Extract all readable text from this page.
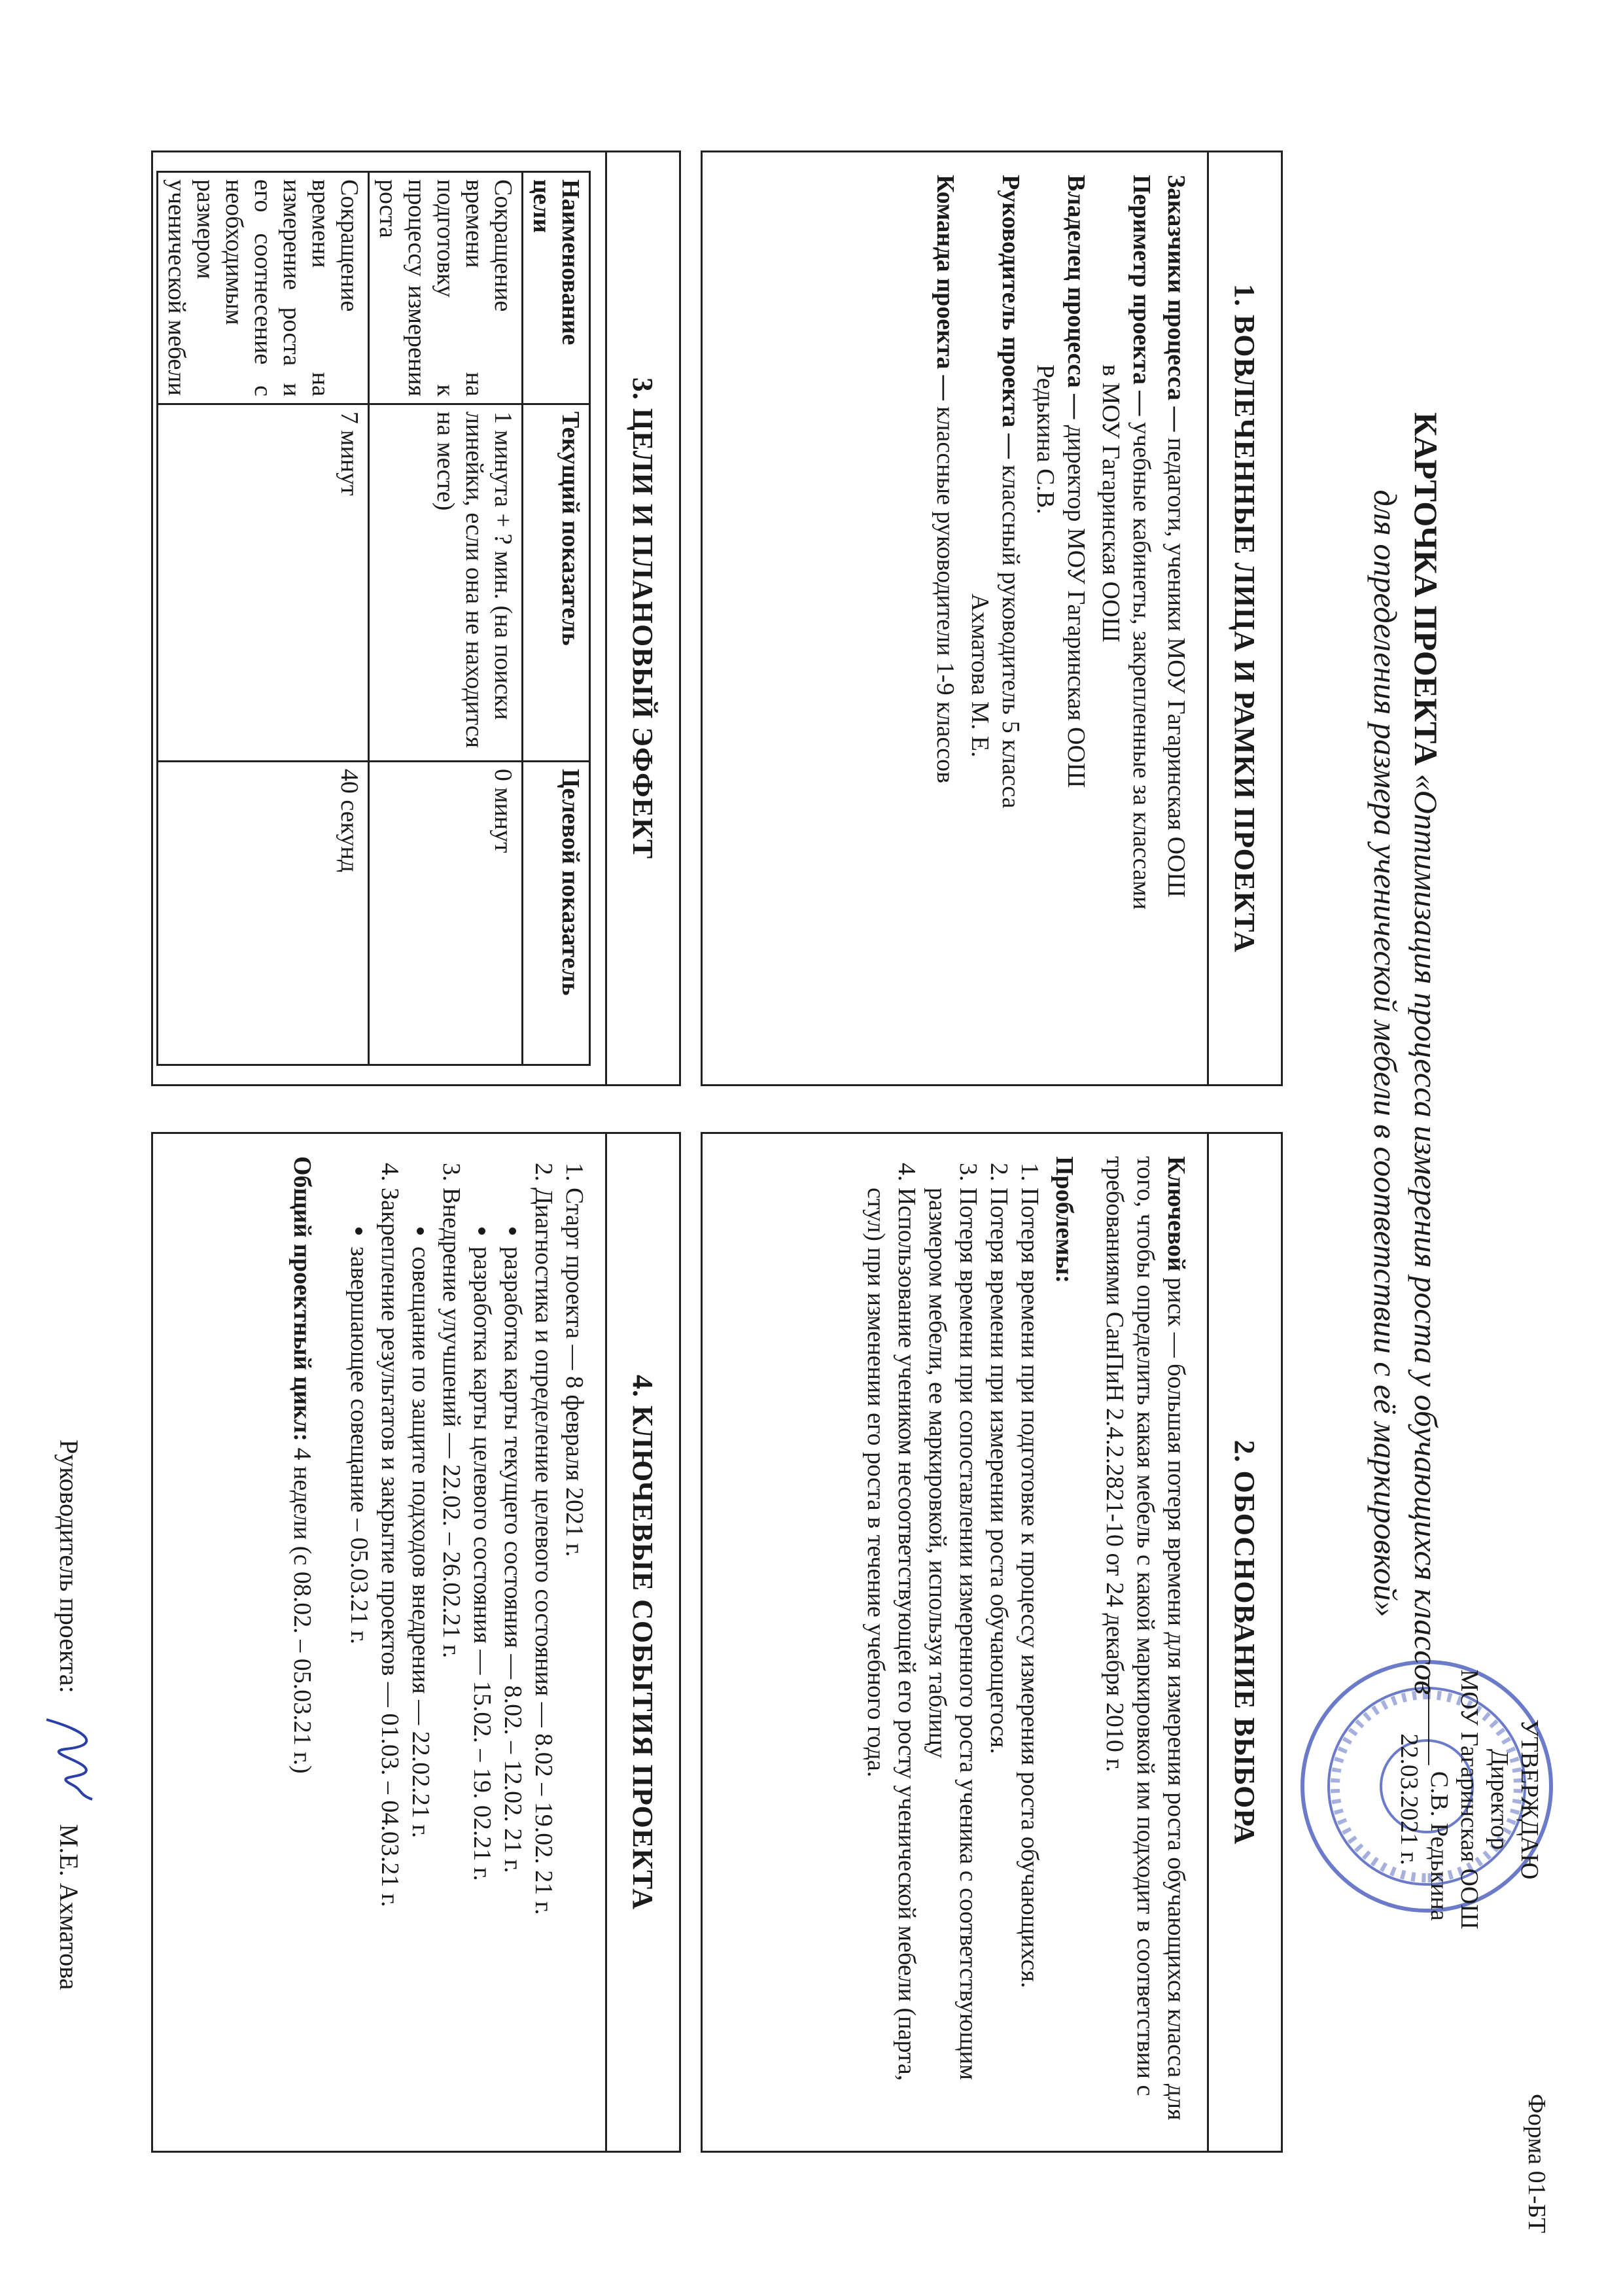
Форма 01-БТ
УТВЕРЖДАЮ
Директор
МОУ Гагаринская ООШ
_______ С.В. Редькина
22.03.2021 г.
КАРТОЧКА ПРОЕКТА «Оптимизация процесса измерения роста у обучающихся классов
для определения размера ученической мебели в соответствии с её маркировкой»
1. ВОВЛЕЧЕННЫЕ ЛИЦА И РАМКИ ПРОЕКТА
Заказчики процесса — педагоги, ученики МОУ Гагаринская ООШ
Периметр проекта — учебные кабинеты, закрепленные за классами
в МОУ Гагаринская ООШ
Владелец процесса — директор МОУ Гагаринская ООШ
Редькина С.В.
Руководитель проекта — классный руководитель 5 класса
Ахматова М. Е.
Команда проекта — классные руководители 1-9 классов
2. ОБОСНОВАНИЕ ВЫБОРА
Ключевой риск — большая потеря времени для измерения роста обучающихся класса для того, чтобы определить какая мебель с какой маркировкой им подходит в соответствии с требованиями СанПиН 2.4.2.2821-10 от 24 декабря 2010 г.
Проблемы:
1. Потеря времени при подготовке к процессу измерения роста обучающихся.
2. Потеря времени при измерении роста обучающегося.
3. Потеря времени при сопоставлении измеренного роста ученика с соответствующим размером мебели, ее маркировкой, используя таблицу
4. Использование учеником несоответствующей его росту ученической мебели (парта, стул) при изменении его роста в течение учебного года.
3. ЦЕЛИ И ПЛАНОВЫЙ ЭФФЕКТ
Наименование цели	Текущий показатель	Целевой показатель
Сокращение времени на подготовку к процессу измерения роста	1 минута + ? мин. (на поиски линейки, если она не находится на месте)	0 минут
Сокращение времени на измерение роста и его соотнесение с необходимым размером ученической мебели	7 минут	40 секунд
4. КЛЮЧЕВЫЕ СОБЫТИЯ ПРОЕКТА
1. Старт проекта — 8 февраля 2021 г.
2. Диагностика и определение целевого состояния — 8.02 – 19.02. 21 г.
• разработка карты текущего состояния — 8.02. – 12.02. 21 г.
• разработка карты целевого состояния — 15.02. – 19. 02.21 г.
3. Внедрение улучшений — 22.02. – 26.02.21 г.
• совещание по защите подходов внедрения — 22.02.21 г.
4. Закрепление результатов и закрытие проектов — 01.03. – 04.03.21 г.
• завершающее совещание – 05.03.21 г.
Общий проектный цикл: 4 недели (с 08.02. – 05.03.21 г.)
Руководитель проекта:
М.Е. Ахматова
